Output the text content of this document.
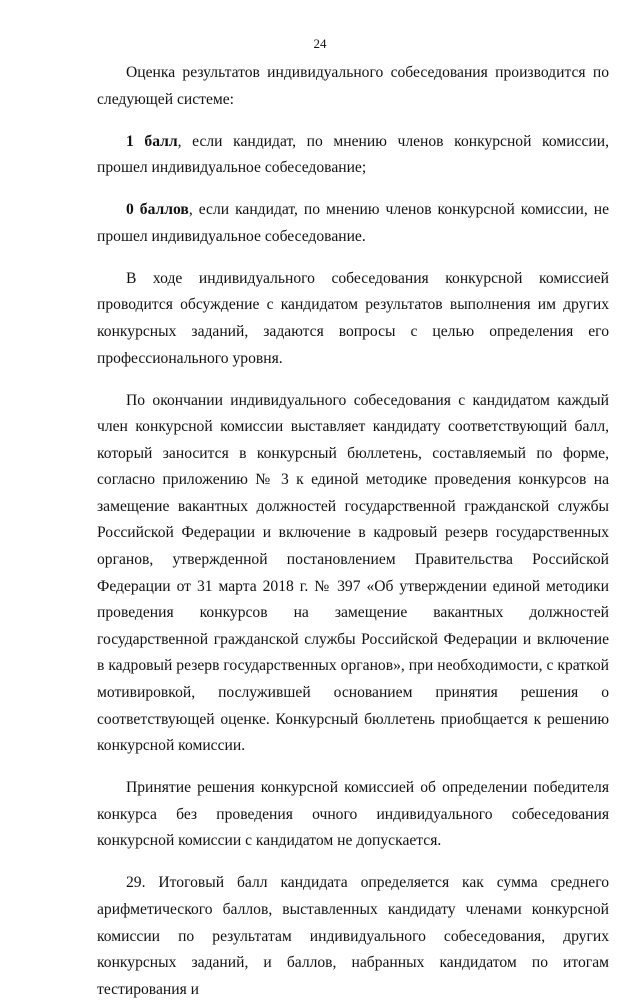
24

Оценка результатов индивидуального собеседования производится по следующей системе:

1 балл, если кандидат, по мнению членов конкурсной комиссии, прошел индивидуальное собеседование;

0 баллов, если кандидат, по мнению членов конкурсной комиссии, не прошел индивидуальное собеседование.

В ходе индивидуального собеседования конкурсной комиссией проводится обсуждение с кандидатом результатов выполнения им других конкурсных заданий, задаются вопросы с целью определения его профессионального уровня.

По окончании индивидуального собеседования с кандидатом каждый член конкурсной комиссии выставляет кандидату соответствующий балл, который заносится в конкурсный бюллетень, составляемый по форме, согласно приложению № 3 к единой методике проведения конкурсов на замещение вакантных должностей государственной гражданской службы Российской Федерации и включение в кадровый резерв государственных органов, утвержденной постановлением Правительства Российской Федерации от 31 марта 2018 г. № 397 «Об утверждении единой методики проведения конкурсов на замещение вакантных должностей государственной гражданской службы Российской Федерации и включение в кадровый резерв государственных органов», при необходимости, с краткой мотивировкой, послужившей основанием принятия решения о соответствующей оценке. Конкурсный бюллетень приобщается к решению конкурсной комиссии.

Принятие решения конкурсной комиссией об определении победителя конкурса без проведения очного индивидуального собеседования конкурсной комиссии с кандидатом не допускается.

29. Итоговый балл кандидата определяется как сумма среднего арифметического баллов, выставленных кандидату членами конкурсной комиссии по результатам индивидуального собеседования, других конкурсных заданий, и баллов, набранных кандидатом по итогам тестирования и
